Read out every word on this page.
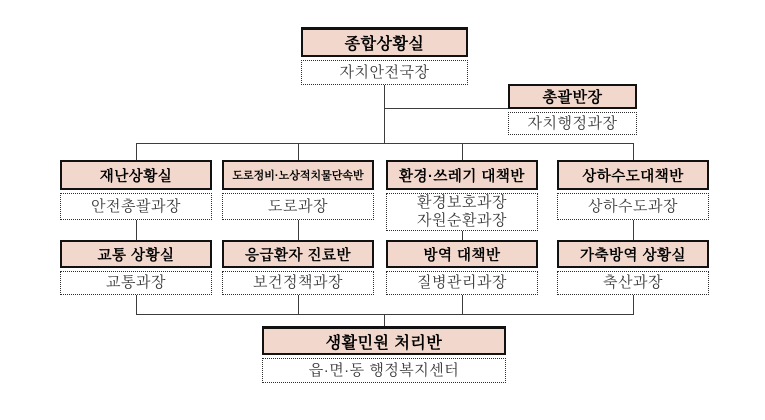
종합상황실
자치안전국장
총괄반장
자치행정과장
재난상황실
안전총괄과장
도로정비·노상적치물단속반
도로과장
환경·쓰레기 대책반
환경보호과장
자원순환과장
상하수도대책반
상하수도과장
교통 상황실
교통과장
응급환자 진료반
보건정책과장
방역 대책반
질병관리과장
가축방역 상황실
축산과장
생활민원 처리반
읍·면·동 행정복지센터
